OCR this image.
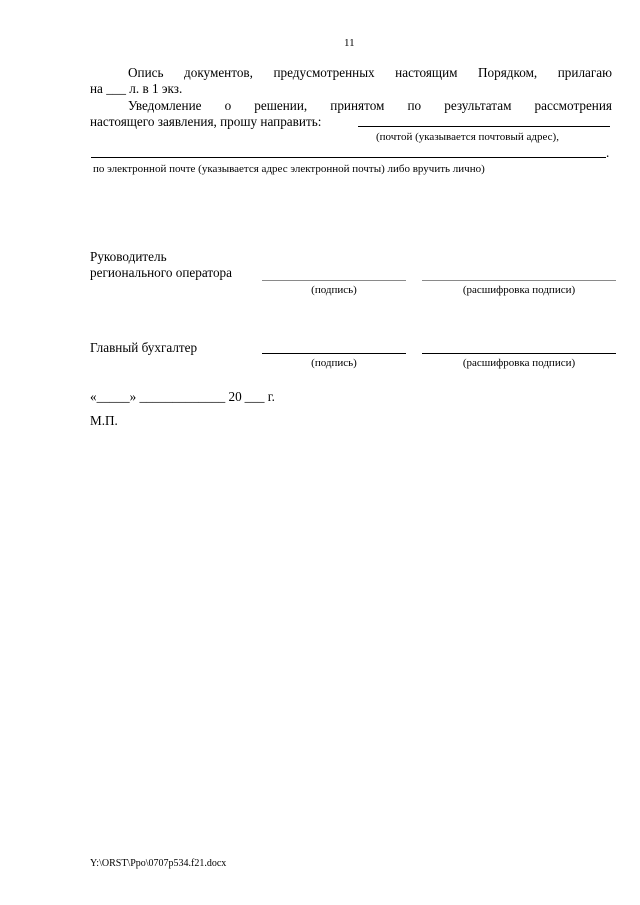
11
Опись документов, предусмотренных настоящим Порядком, прилагаю
на ___ л. в 1 экз.
Уведомление о решении, принятом по результатам рассмотрения
настоящего заявления, прошу направить:
(почтой (указывается почтовый адрес),
.
по электронной почте (указывается адрес электронной почты) либо вручить лично)
Руководитель
регионального оператора
(подпись)	(расшифровка подписи)
Главный бухгалтер
(подпись)	(расшифровка подписи)
«_____» _____________ 20 ___ г.
М.П.
Y:\ORST\Ppo\0707p534.f21.docx
